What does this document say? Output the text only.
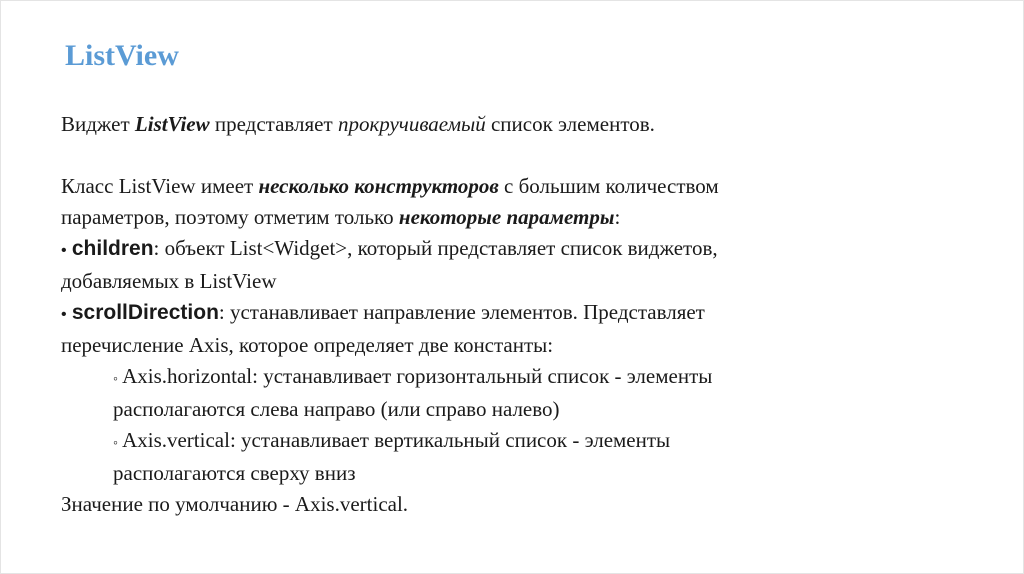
ListView

Виджет ListView представляет прокручиваемый список элементов.

Класс ListView имеет несколько конструкторов с большим количеством
параметров, поэтому отметим только некоторые параметры:

• children: объект List<Widget>, который представляет список виджетов,
добавляемых в ListView

• scrollDirection: устанавливает направление элементов. Представляет
перечисление Axis, которое определяет две константы:

◦ Axis.horizontal: устанавливает горизонтальный список - элементы
располагаются слева направо (или справо налево)

◦ Axis.vertical: устанавливает вертикальный список - элементы
располагаются сверху вниз

Значение по умолчанию - Axis.vertical.
